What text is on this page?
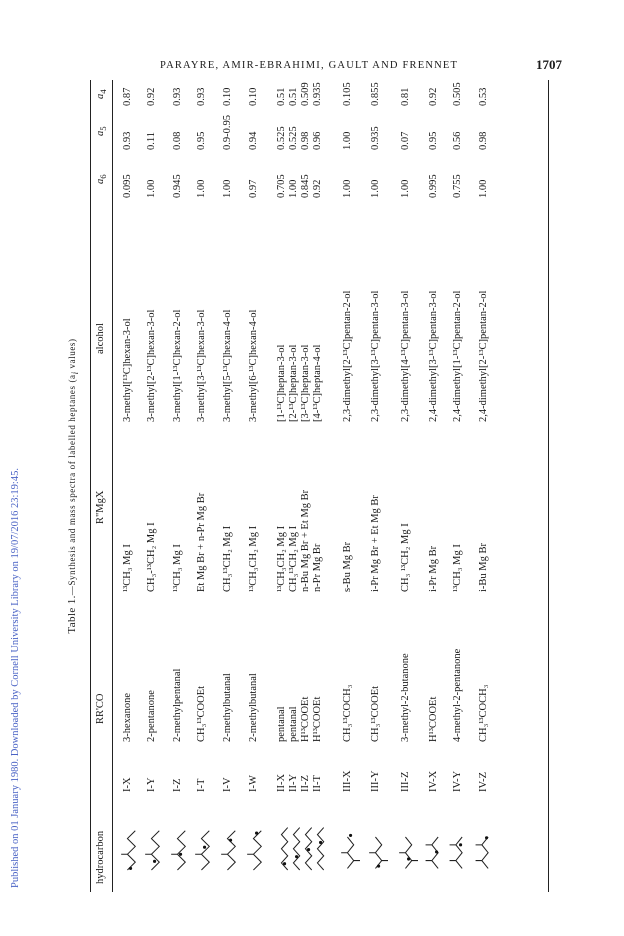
PARAYRE, AMIR-EBRAHIMI, GAULT AND FRENNET	1707
Published on 01 January 1980. Downloaded by Cornell University Library on 19/07/2016 23:19:45.	Table 1.—Synthesis and mass spectra of labelled heptanes ($a_i$ values)
hydrocarbon
RR'CO
R"MgX
alcohol
$a_6$
$a_5$
$a_4$
I-X
3-hexanone
¹³CH₃ Mg I
3-methyl[¹³C]hexan-3-ol
0.095
0.93
0.87
I-Y
2-pentanone
CH₃-¹³CH₂ Mg I
3-methyl[2-¹³C]hexan-3-ol
1.00
0.11
0.92
I-Z
2-methylpentanal
¹³CH₃ Mg I
3-methyl[1-¹³C]hexan-2-ol
0.945
0.08
0.93
I-T
CH₃¹³COOEt
Et Mg Br + n-Pr Mg Br
3-methyl[3-¹³C]hexan-3-ol
1.00
0.95
0.93
I-V
2-methylbutanal
CH₃¹³CH₂ Mg I
3-methyl[5-¹³C]hexan-4-ol
1.00
0.9-0.95
0.10
I-W
2-methylbutanal
¹³CH₃CH₂ Mg I
3-methyl[6-¹³C]hexan-4-ol
0.97
0.94
0.10
II-X
pentanal
¹³CH₃CH₂ Mg I
[1-¹³C]heptan-3-ol
0.705
0.525
0.51
II-Y
pentanal
CH₃¹³CH₂ Mg I
[2-¹³C]heptan-3-ol
1.00
0.525
0.51
II-Z
H¹³COOEt
n-Bu Mg Br + Et Mg Br
[3-¹³C]heptan-3-ol
0.845
0.98
0.509
II-T
H¹³COOEt
n-Pr Mg Br
[4-¹³C]heptan-4-ol
0.92
0.96
0.935
III-X
CH₃¹³COCH₃
s-Bu Mg Br
2,3-dimethyl[2-¹³C]pentan-2-ol
1.00
1.00
0.105
III-Y
CH₃¹³COOEt
i-Pr Mg Br + Et Mg Br
2,3-dimethyl[3-¹³C]pentan-3-ol
1.00
0.935
0.855
III-Z
3-methyl-2-butanone
CH₃ ¹³CH₂ Mg I
2,3-dimethyl[4-¹³C]pentan-3-ol
1.00
0.07
0.81
IV-X
H¹³COOEt
i-Pr Mg Br
2,4-dimethyl[3-¹³C]pentan-3-ol
0.995
0.95
0.92
IV-Y
4-methyl-2-pentanone
¹³CH₃ Mg I
2,4-dimethyl[1-¹³C]pentan-2-ol
0.755
0.56
0.505
IV-Z
CH₃¹³COCH₃
i-Bu Mg Br
2,4-dimethyl[2-¹³C]pentan-2-ol
1.00
0.98
0.53
